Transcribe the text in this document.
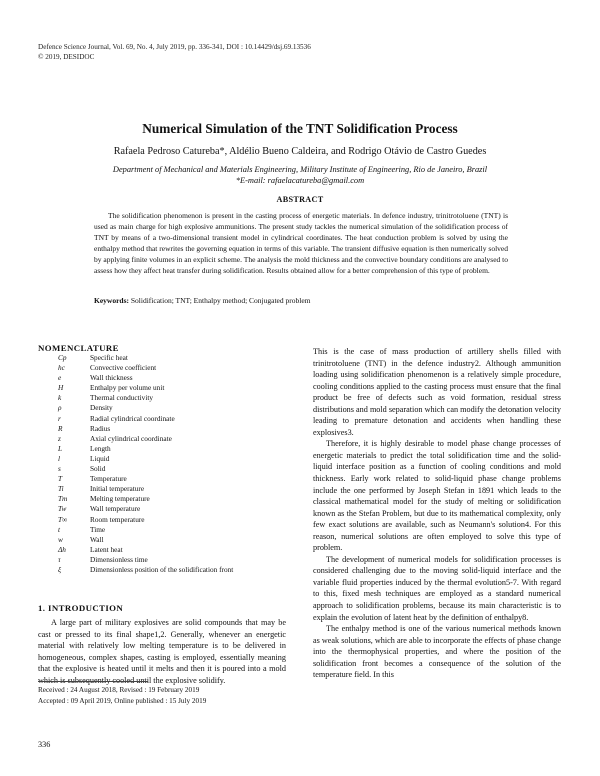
Defence Science Journal, Vol. 69, No. 4, July 2019, pp. 336-341, DOI : 10.14429/dsj.69.13536
© 2019, DESIDOC
Numerical Simulation of the TNT Solidification Process
Rafaela Pedroso Catureba*, Aldélio Bueno Caldeira, and Rodrigo Otávio de Castro Guedes
Department of Mechanical and Materials Engineering, Military Institute of Engineering, Rio de Janeiro, Brazil
*E-mail: rafaelacatureba@gmail.com
ABSTRACT
The solidification phenomenon is present in the casting process of energetic materials. In defence industry, trinitrotoluene (TNT) is used as main charge for high explosive ammunitions. The present study tackles the numerical simulation of the solidification process of TNT by means of a two-dimensional transient model in cylindrical coordinates. The heat conduction problem is solved by using the enthalpy method that rewrites the governing equation in terms of this variable. The transient diffusive equation is then numerically solved by applying finite volumes in an explicit scheme. The analysis the mold thickness and the convective boundary conditions are analysed to assess how they affect heat transfer during solidification. Results obtained allow for a better comprehension of this type of problem.
Keywords: Solidification; TNT; Enthalpy method; Conjugated problem
NOMENCLATURE
Cp	Specific heat
hc	Convective coefficient
e	Wall thickness
H	Enthalpy per volume unit
k	Thermal conductivity
ρ	Density
r	Radial cylindrical coordinate
R	Radius
z	Axial cylindrical coordinate
L	Length
l	Liquid
s	Solid
T	Temperature
Ti	Initial temperature
Tm	Melting temperature
Tw	Wall temperature
T∞	Room temperature
t	Time
w	Wall
Δh	Latent heat
τ	Dimensionless time
ξ	Dimensionless position of the solidification front
1. INTRODUCTION
A large part of military explosives are solid compounds that may be cast or pressed to its final shape1,2. Generally, whenever an energetic material with relatively low melting temperature is to be delivered in homogeneous, complex shapes, casting is employed, essentially meaning that the explosive is heated until it melts and then it is poured into a mold which is subsequently cooled until the explosive solidify.

This is the case of mass production of artillery shells filled with trinitrotoluene (TNT) in the defence industry2. Although ammunition loading using solidification phenomenon is a relatively simple procedure, cooling conditions applied to the casting process must ensure that the final product be free of defects such as void formation, residual stress distributions and mold separation which can modify the detonation velocity leading to premature detonation and accidents when handling these explosives3.

Therefore, it is highly desirable to model phase change processes of energetic materials to predict the total solidification time and the solid-liquid interface position as a function of cooling conditions and mold thickness. Early work related to solid-liquid phase change problems include the one performed by Joseph Stefan in 1891 which leads to the classical mathematical model for the study of melting or solidification known as the Stefan Problem, but due to its mathematical complexity, only few exact solutions are available, such as Neumann's solution4. For this reason, numerical solutions are often employed to solve this type of problem.

The development of numerical models for solidification processes is considered challenging due to the moving solid-liquid interface and the variable fluid properties induced by the thermal evolution5-7. With regard to this, fixed mesh techniques are employed as a standard numerical approach to solidification problems, because its main characteristic is to explain the evolution of latent heat by the definition of enthalpy8.

The enthalpy method is one of the various numerical methods known as weak solutions, which are able to incorporate the effects of phase change into the thermophysical properties, and where the position of the solidification front becomes a consequence of the solution of the temperature field. In this

Received : 24 August 2018, Revised : 19 February 2019
Accepted : 09 April 2019, Online published : 15 July 2019
336
